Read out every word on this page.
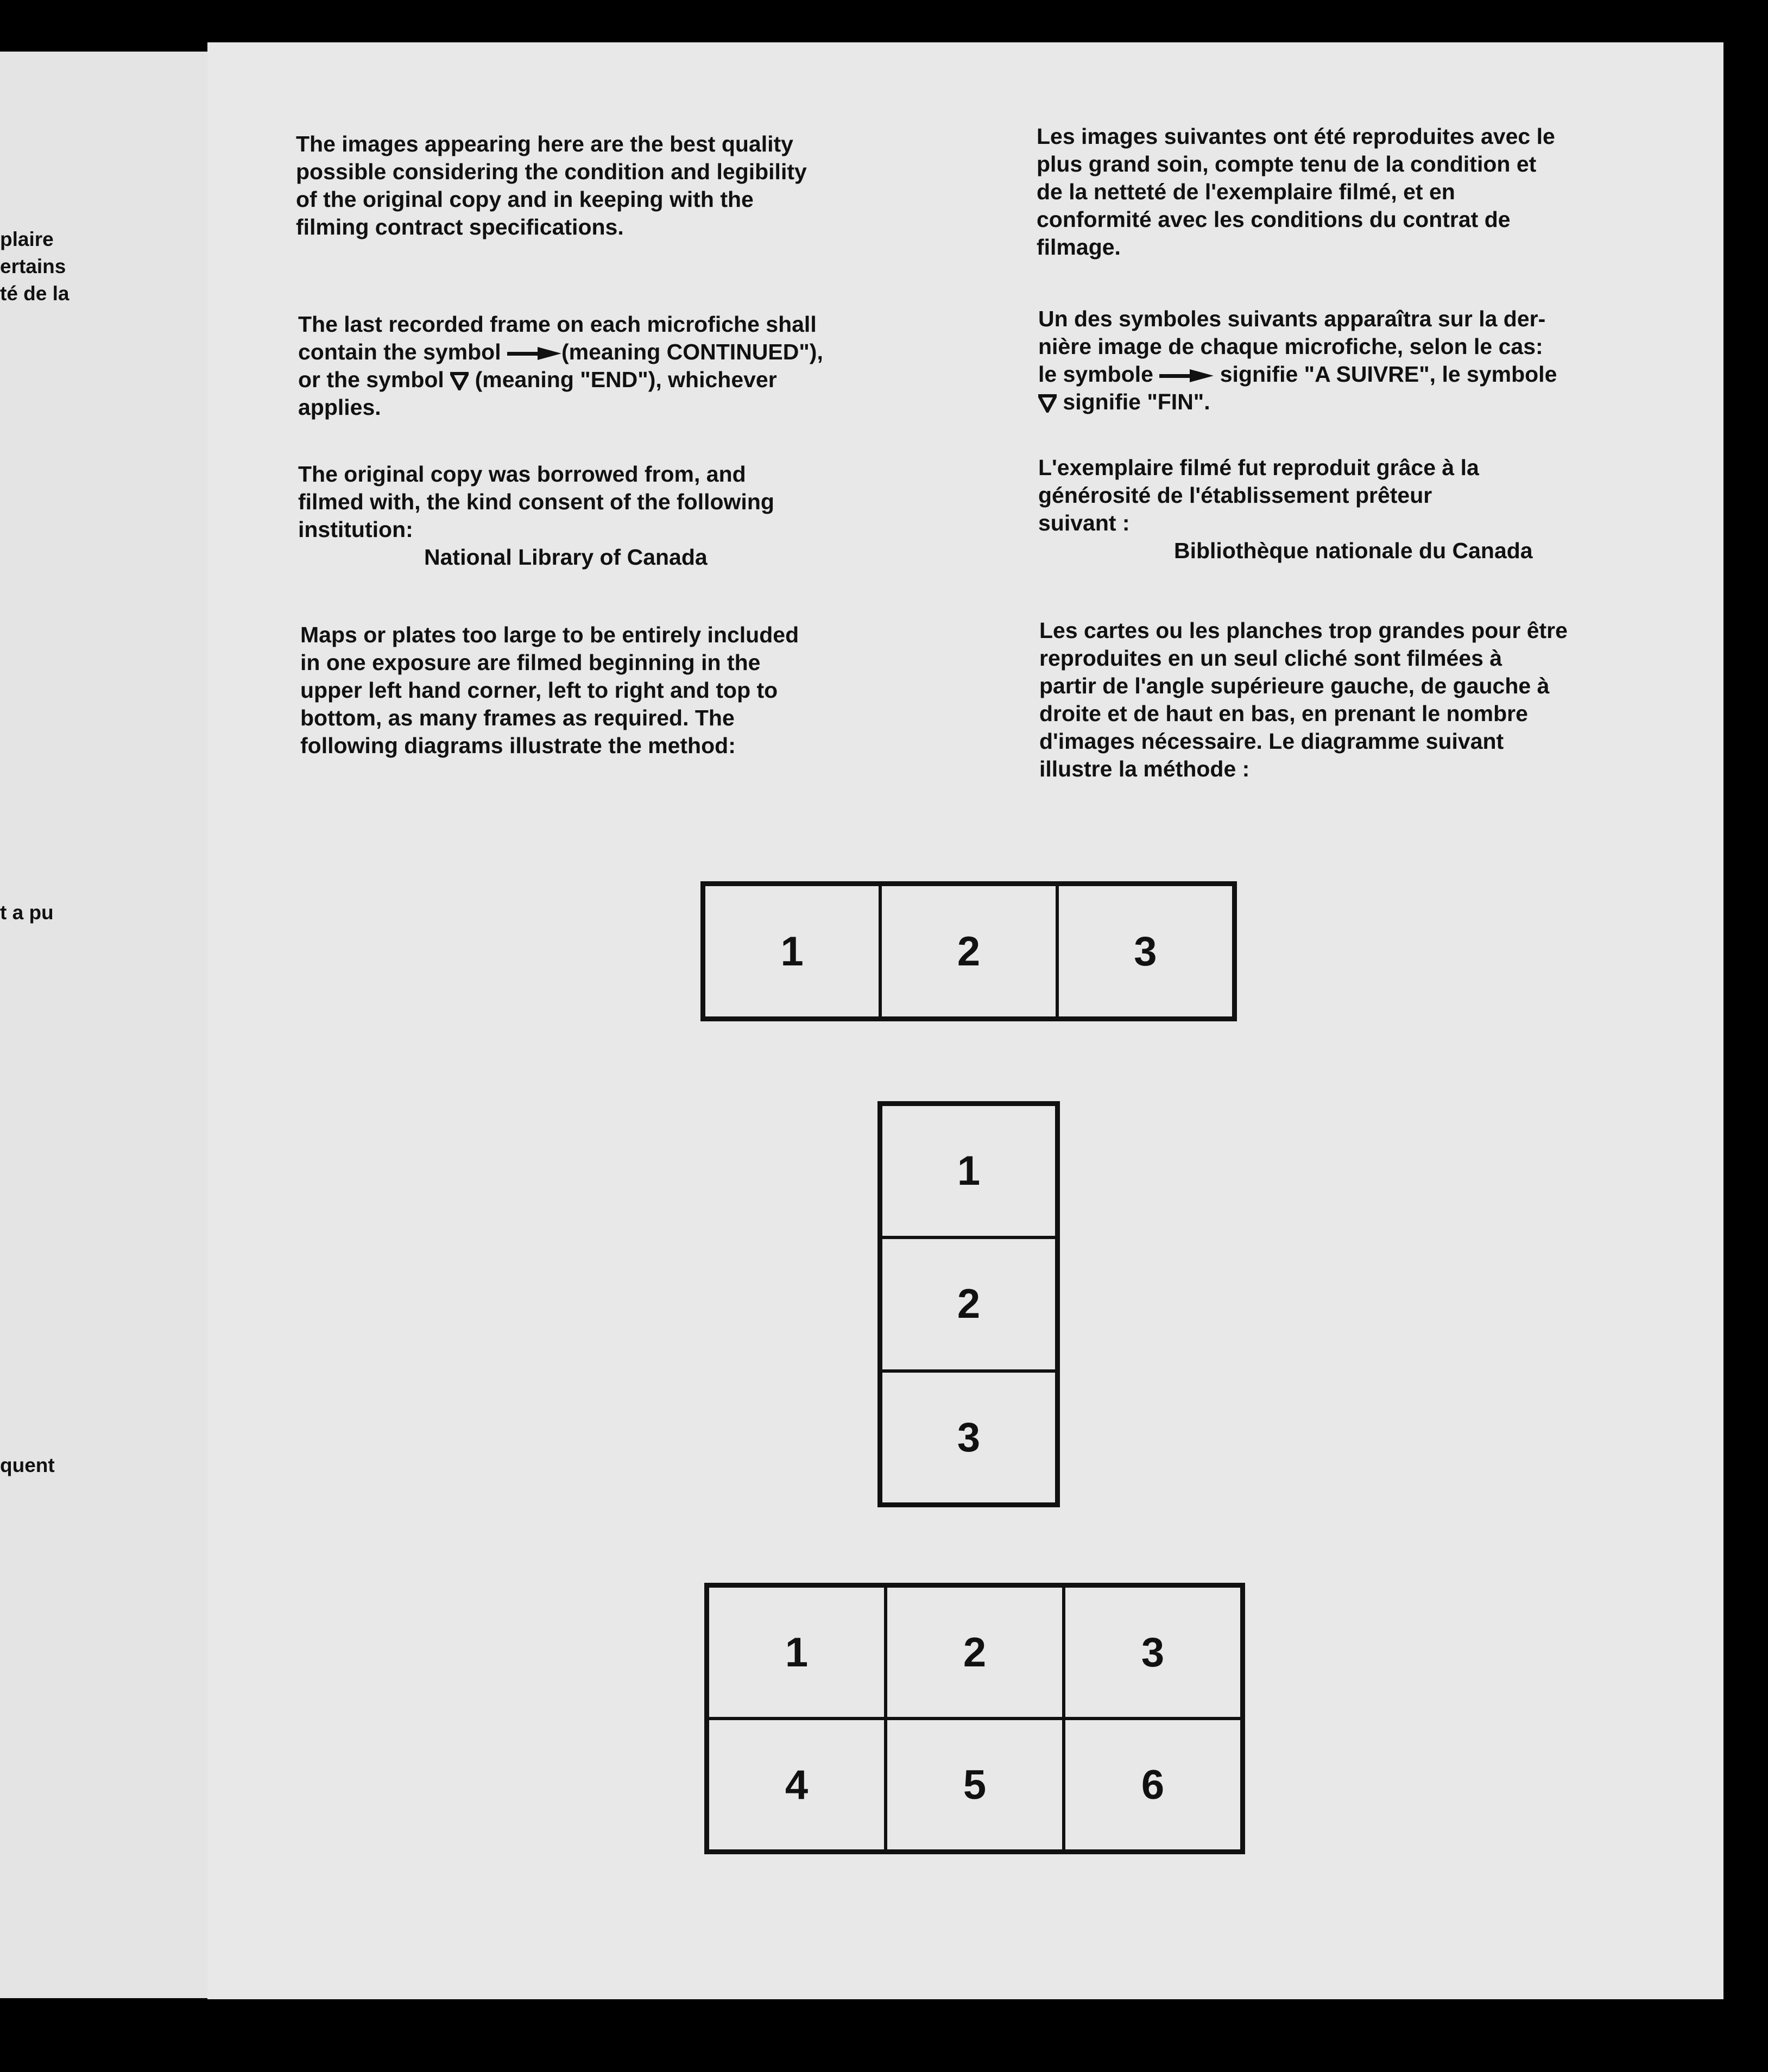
plaire
ertains
té de la
t a pu
quent
The images appearing here are the best quality
possible considering the condition and legibility
of the original copy and in keeping with the
filming contract specifications.
The last recorded frame on each microfiche shall
contain the symbol	(meaning CONTINUED"),
or the symbol (meaning "END"), whichever
applies.
The original copy was borrowed from, and
filmed with, the kind consent of the following
institution:
National Library of Canada
Maps or plates too large to be entirely included
in one exposure are filmed beginning in the
upper left hand corner, left to right and top to
bottom, as many frames as required. The
following diagrams illustrate the method:
Les images suivantes ont été reproduites avec le
plus grand soin, compte tenu de la condition et
de la netteté de l'exemplaire filmé, et en
conformité avec les conditions du contrat de
filmage.
Un des symboles suivants apparaîtra sur la der-
nière image de chaque microfiche, selon le cas:
le symbole	signifie "A SUIVRE", le symbole
signifie "FIN".
L'exemplaire filmé fut reproduit grâce à la
générosité de l'établissement prêteur
suivant :
Bibliothèque nationale du Canada
Les cartes ou les planches trop grandes pour être
reproduites en un seul cliché sont filmées à
partir de l'angle supérieure gauche, de gauche à
droite et de haut en bas, en prenant le nombre
d'images nécessaire. Le diagramme suivant
illustre la méthode :
1	2	3
1
2
3
1	2	3
4	5	6
